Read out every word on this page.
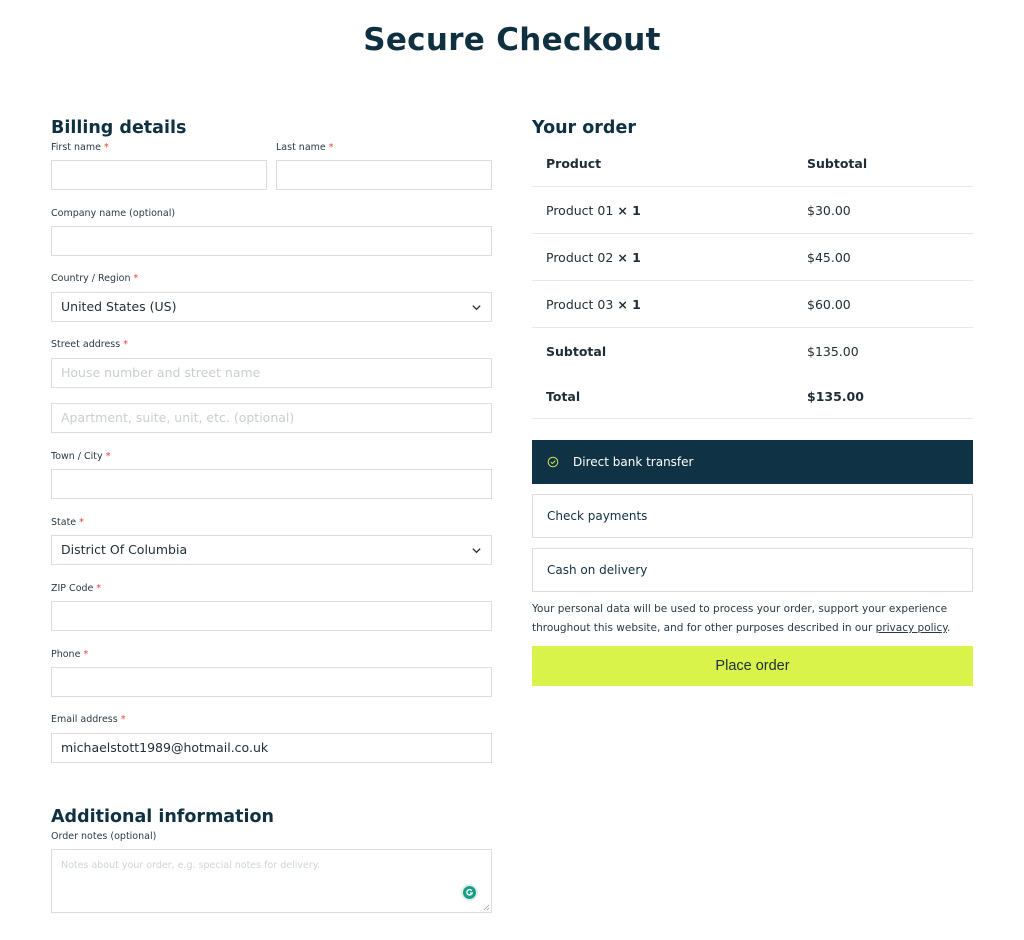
Secure Checkout
Billing details
First name *	Last name *
Company name (optional)
Country / Region *
United States (US)
Street address *
House number and street name
Apartment, suite, unit, etc. (optional)
Town / City *
State *
District Of Columbia
ZIP Code *
Phone *
Email address *
michaelstott1989@hotmail.co.uk
Additional information
Order notes (optional)
Notes about your order, e.g. special notes for delivery.
Your order
Product	Subtotal
Product 01 × 1	$30.00
Product 02 × 1	$45.00
Product 03 × 1	$60.00
Subtotal	$135.00
Total	$135.00
Direct bank transfer
Check payments
Cash on delivery

Your personal data will be used to process your order, support your experience throughout this website, and for other purposes described in our privacy policy.

Place order
